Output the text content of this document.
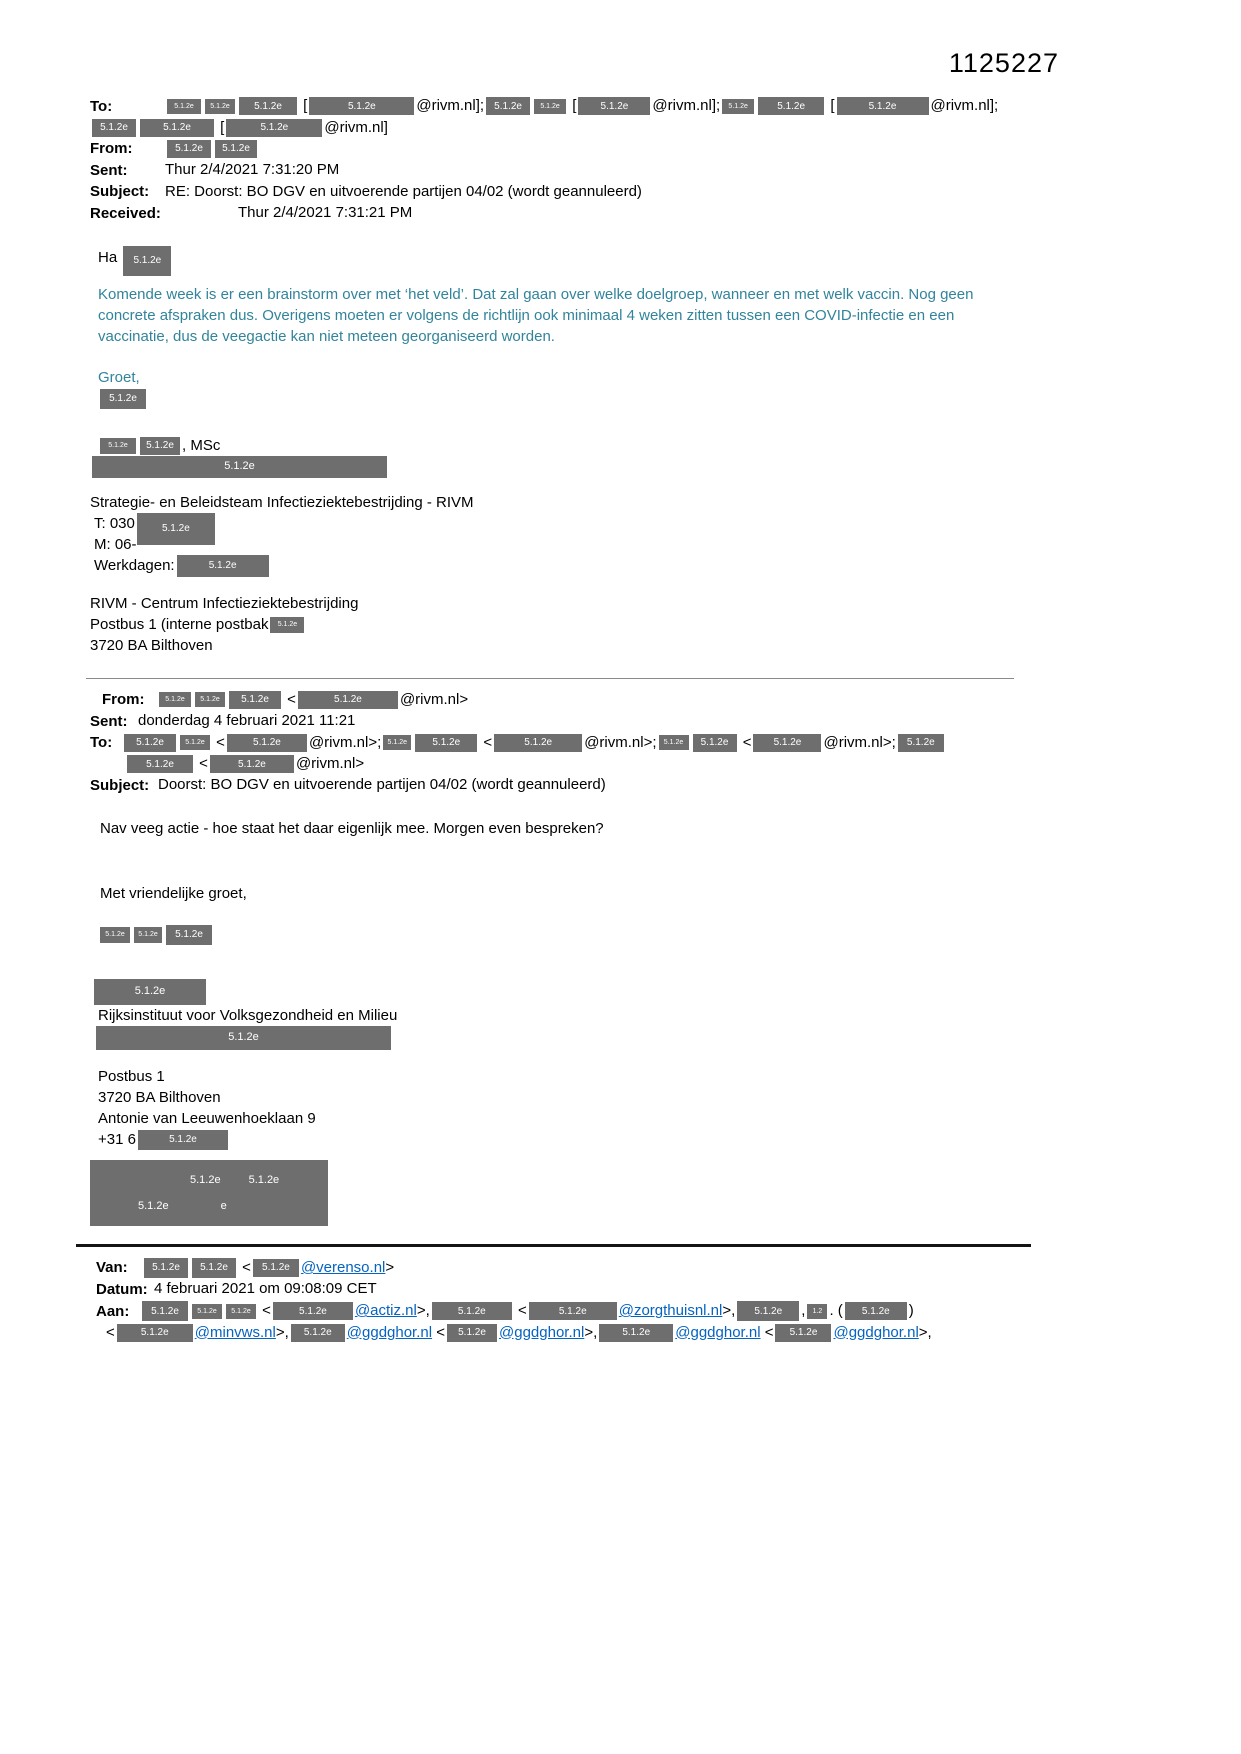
1125227
To:	5.1.2e 5.1.2e 5.1.2e [	5.1.2e	@rivm.nl]; 5.1.2e	5.1.2e [ 5.1.2e @rivm.nl]; 5.1.2e	5.1.2e [	5.1.2e @rivm.nl];
5.1.2e	5.1.2e [	5.1.2e @rivm.nl]
From:	5.1.2e 5.1.2e
Sent:	Thur 2/4/2021 7:31:20 PM
Subject: RE: Doorst: BO DGV en uitvoerende partijen 04/02 (wordt geannuleerd)
Received:	Thur 2/4/2021 7:31:21 PM
Ha 5.1.2e
Komende week is er een brainstorm over met ‘het veld’. Dat zal gaan over welke doelgroep, wanneer en met welk vaccin. Nog geen concrete afspraken dus. Overigens moeten er volgens de richtlijn ook minimaal 4 weken zitten tussen een COVID-infectie en een vaccinatie, dus de veegactie kan niet meteen georganiseerd worden.
Groet,
5.1.2e
5.1.2e 5.1.2e , MSc
5.1.2e
Strategie- en Beleidsteam Infectieziektebestrijding - RIVM
T: 030	5.1.2e
M: 06-
Werkdagen:	5.1.2e
RIVM - Centrum Infectieziektebestrijding
Postbus 1 (interne postbak 5.1.2e
3720 BA Bilthoven
From:	5.1.2e 5.1.2e 5.1.2e <	5.1.2e	@rivm.nl>
Sent: donderdag 4 februari 2021 11:21
To: 5.1.2e	5.1.2e <	5.1.2e @rivm.nl>; 5.1.2e	5.1.2e <	5.1.2e @rivm.nl>; 5.1.2e 5.1.2e < 5.1.2e @rivm.nl>; 5.1.2e
5.1.2e <	5.1.2e @rivm.nl>
Subject: Doorst: BO DGV en uitvoerende partijen 04/02 (wordt geannuleerd)
Nav veeg actie - hoe staat het daar eigenlijk mee. Morgen even bespreken?
Met vriendelijke groet,
5.1.2e 5.1.2e 5.1.2e
5.1.2e
Rijksinstituut voor Volksgezondheid en Milieu
5.1.2e
Postbus 1
3720 BA Bilthoven
Antonie van Leeuwenhoeklaan 9
+31 6	5.1.2e
5.1.2e	5.1.2e
5.1.2e	e
Van: 5.1.2e 5.1.2e < 5.1.2e @verenso.nl>
Datum: 4 februari 2021 om 09:08:09 CET
Aan: 5.1.2e	5.1.2e 5.1.2e <	5.1.2e @actiz.nl>,	5.1.2e <	5.1.2e @zorgthuisnl.nl>, 5.1.2e , 1.2 . ( 5.1.2e )
<	5.1.2e @minvws.nl>, 5.1.2e @ggdghor.nl < 5.1.2e @ggdghor.nl>,	5.1.2e @ggdghor.nl < 5.1.2e @ggdghor.nl>,
